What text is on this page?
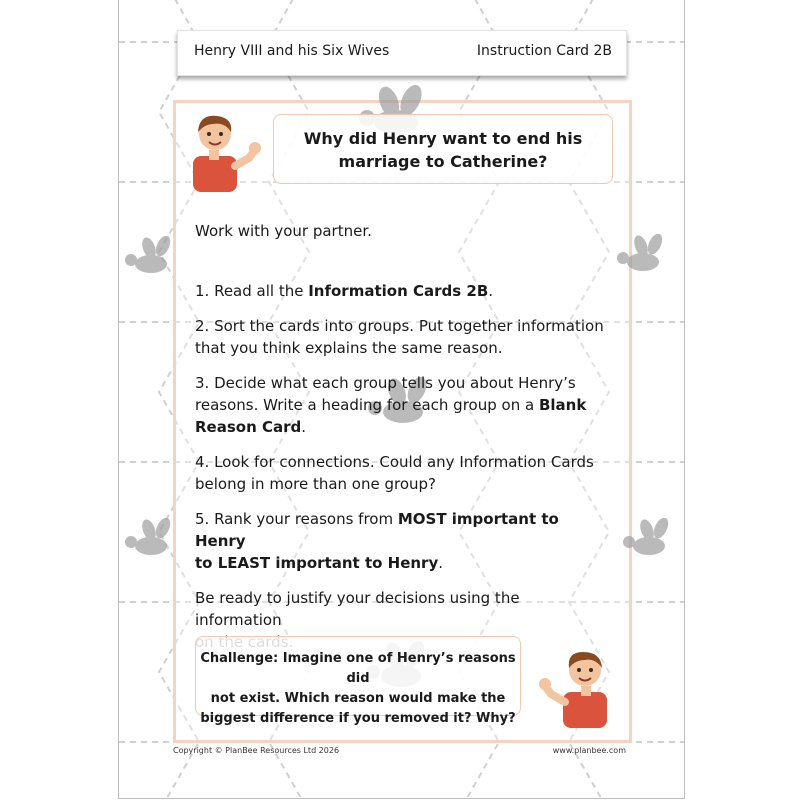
Henry VIII and his Six Wives	Instruction Card 2B
Why did Henry want to end his
marriage to Catherine?
Work with your partner.

1. Read all the Information Cards 2B.

2. Sort the cards into groups. Put together information
that you think explains the same reason.

3. Decide what each group tells you about Henry’s
reasons. Write a heading for each group on a Blank
Reason Card.

4. Look for connections. Could any Information Cards
belong in more than one group?

5. Rank your reasons from MOST important to Henry
to LEAST important to Henry.

Be ready to justify your decisions using the information

Challenge: Imagine one of Henry’s reasons did
not exist. Which reason would make the
biggest difference if you removed it? Why?
Copyright © PlanBee Resources Ltd 2026	www.planbee.com
